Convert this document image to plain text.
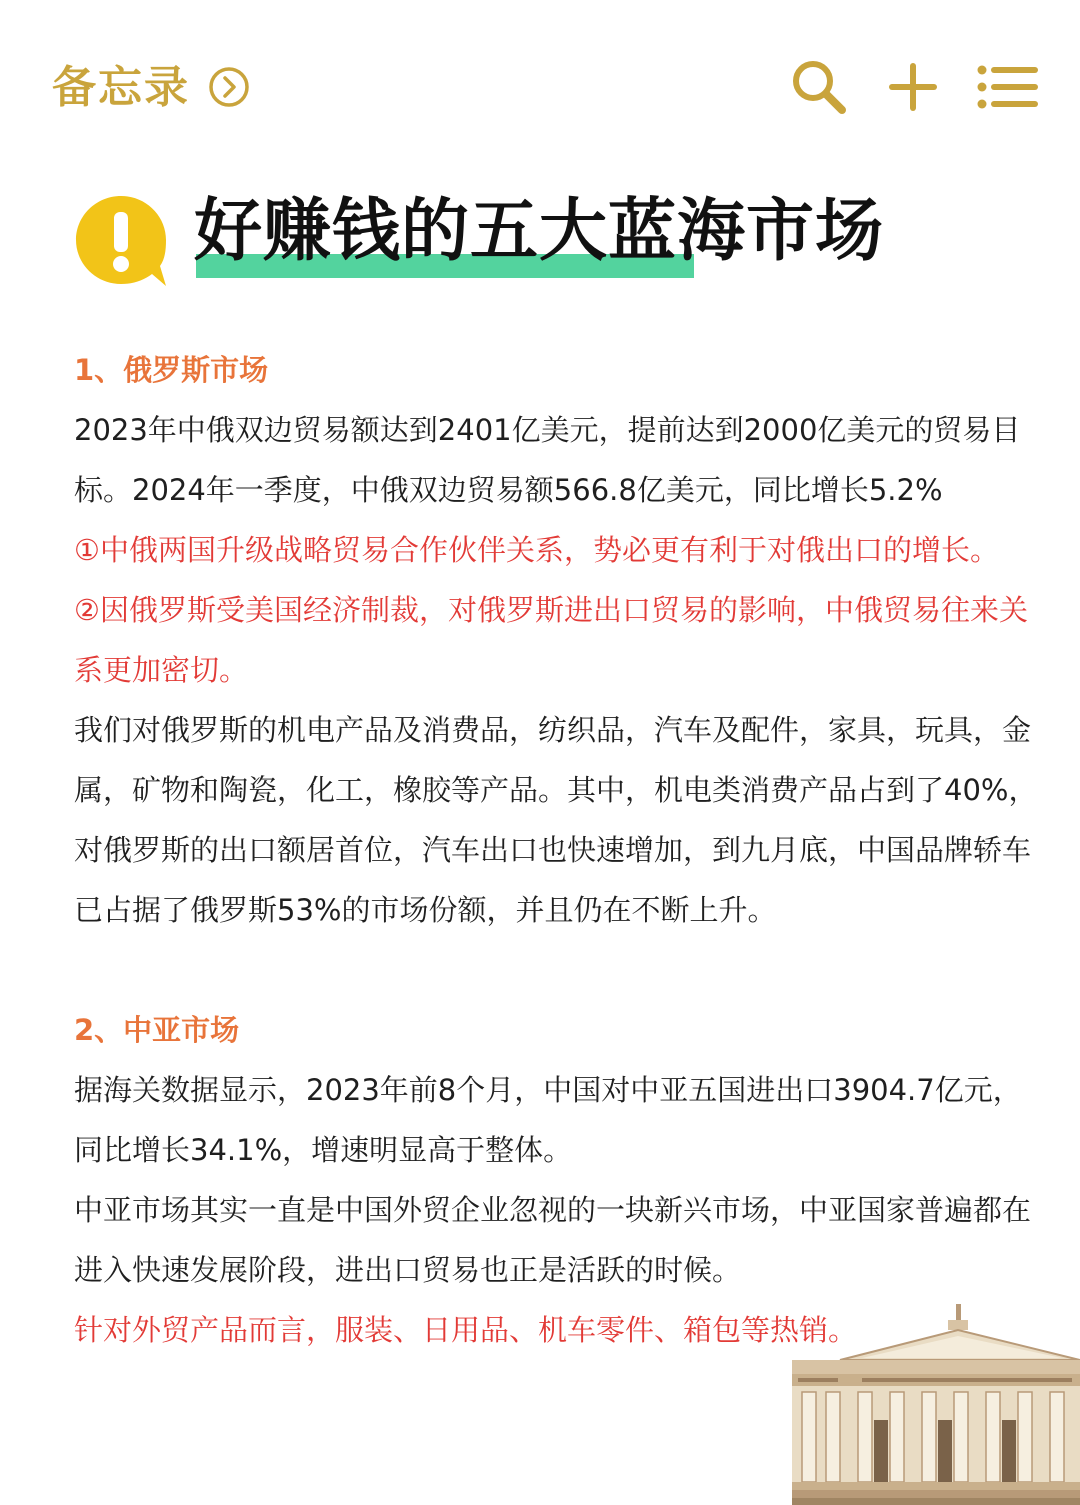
备忘录
好赚钱的五大蓝海市场

1、俄罗斯市场

2023年中俄双边贸易额达到2401亿美元，提前达到2000亿美元的贸易目标。2024年一季度，中俄双边贸易额566.8亿美元，同比增长5.2%

①中俄两国升级战略贸易合作伙伴关系，势必更有利于对俄出口的增长。

②因俄罗斯受美国经济制裁，对俄罗斯进出口贸易的影响，中俄贸易往来关系更加密切。

我们对俄罗斯的机电产品及消费品，纺织品，汽车及配件，家具，玩具，金属，矿物和陶瓷，化工，橡胶等产品。其中，机电类消费产品占到了40%，对俄罗斯的出口额居首位，汽车出口也快速增加，到九月底，中国品牌轿车已占据了俄罗斯53%的市场份额，并且仍在不断上升。

2、中亚市场

据海关数据显示，2023年前8个月，中国对中亚五国进出口3904.7亿元，同比增长34.1%，增速明显高于整体。

中亚市场其实一直是中国外贸企业忽视的一块新兴市场，中亚国家普遍都在进入快速发展阶段，进出口贸易也正是活跃的时候。

针对外贸产品而言，服装、日用品、机车零件、箱包等热销。
